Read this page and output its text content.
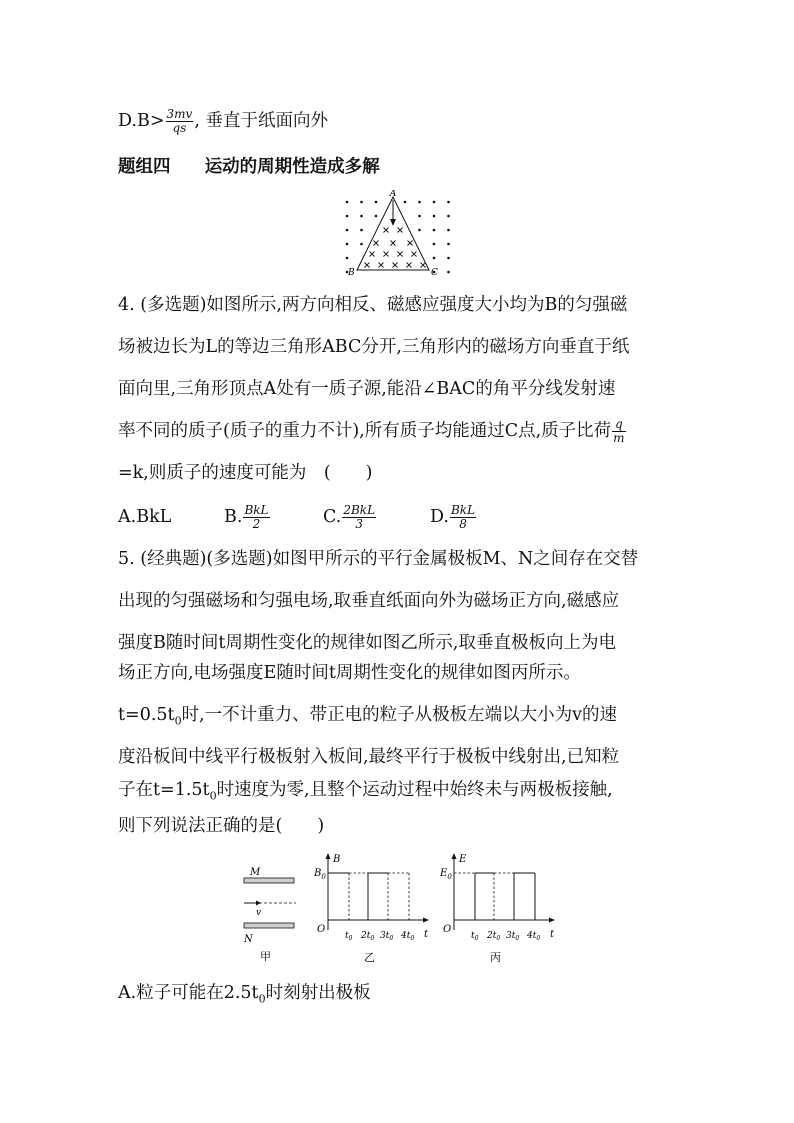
$D.B> \frac{3mv}{qs}$ , 垂直于纸面向外
题组四 运动的周期性造成多解
A
B	C
4. (多选题)如图所示,两方向相反、磁感应强度大小均为B的匀强磁
场被边长为L的等边三角形ABC分开,三角形内的磁场方向垂直于纸
面向里,三角形顶点A处有一质子源,能沿∠BAC的角平分线发射速
率不同的质子(质子的重力不计),所有质子均能通过C点,质子比荷 $\frac{q}{m}$
=k,则质子的速度可能为　(　　)
A.BkL	B. $\frac{\text{BkL}}{2}$	C. $\frac{\text{2BkL}}{3}$	D. $\frac{\text{BkL}}{8}$
5. (经典题)(多选题)如图甲所示的平行金属极板M、N之间存在交替
出现的匀强磁场和匀强电场,取垂直纸面向外为磁场正方向,磁感应
强度B随时间t周期性变化的规律如图乙所示,取垂直极板向上为电
场正方向,电场强度E随时间t周期性变化的规律如图丙所示。
$t=0.5t_0$时,一不计重力、带正电的粒子从极板左端以大小为v的速
度沿板间中线平行极板射入板间,最终平行于极板中线射出,已知粒
子在$t=1.5t_0$时速度为零,且整个运动过程中始终未与两极板接触,
则下列说法正确的是(　　)
M
N
v
甲
B
$B_0$
O	t
$t_0$ $2t_0$ $3t_0$ $4t_0$
乙
E
$E_0$
O	t
$t_0$ $2t_0$ $3t_0$ $4t_0$
丙
A.粒子可能在$2.5t_0$时刻射出极板
